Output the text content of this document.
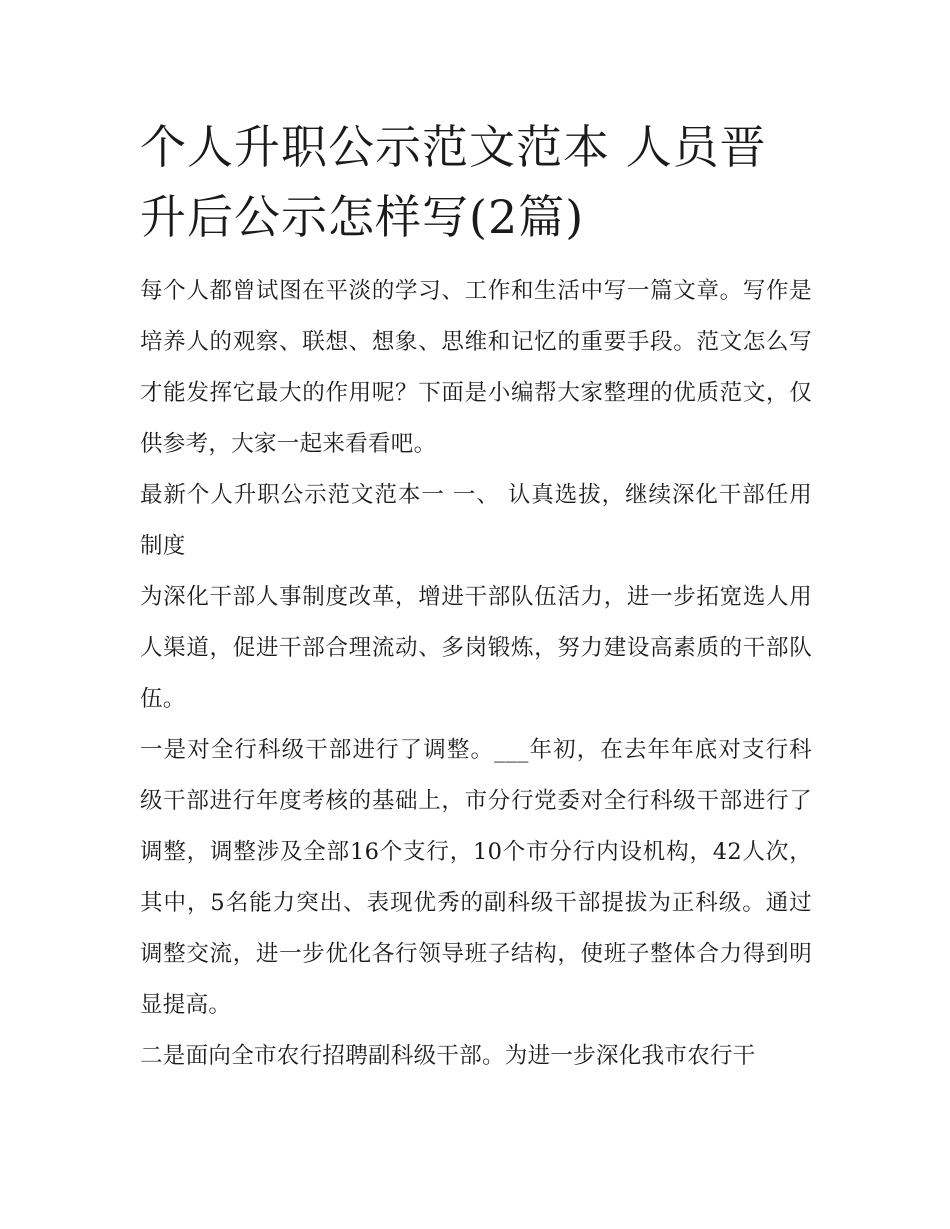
个人升职公示范文范本 人员晋升后公示怎样写(2篇)

每个人都曾试图在平淡的学习、工作和生活中写一篇文章。写作是培养人的观察、联想、想象、思维和记忆的重要手段。范文怎么写才能发挥它最大的作用呢？下面是小编帮大家整理的优质范文，仅供参考，大家一起来看看吧。

最新个人升职公示范文范本一 一、 认真选拔，继续深化干部任用制度

为深化干部人事制度改革，增进干部队伍活力，进一步拓宽选人用人渠道，促进干部合理流动、多岗锻炼，努力建设高素质的干部队伍。

一是对全行科级干部进行了调整。___年初，在去年年底对支行科级干部进行年度考核的基础上，市分行党委对全行科级干部进行了调整，调整涉及全部16个支行，10个市分行内设机构，42人次，其中，5名能力突出、表现优秀的副科级干部提拔为正科级。通过调整交流，进一步优化各行领导班子结构，使班子整体合力得到明显提高。

二是面向全市农行招聘副科级干部。为进一步深化我市农行干
